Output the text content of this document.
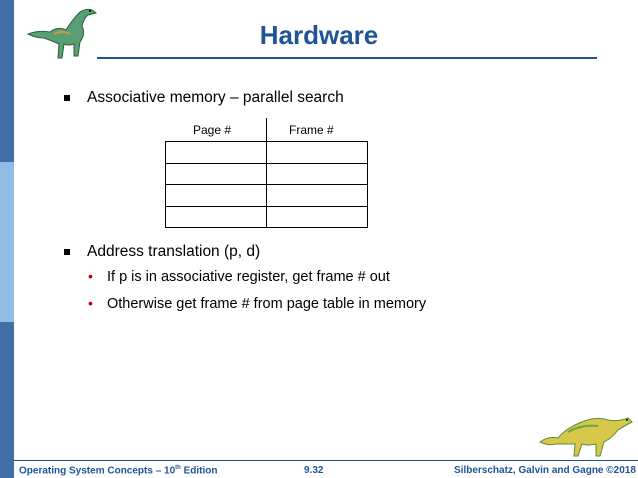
Hardware
Associative memory – parallel search
Page #	Frame #

Address translation (p, d)
• If p is in associative register, get frame # out
• Otherwise get frame # from page table in memory
Operating System Concepts – 10th Edition	9.32	Silberschatz, Galvin and Gagne ©2018
